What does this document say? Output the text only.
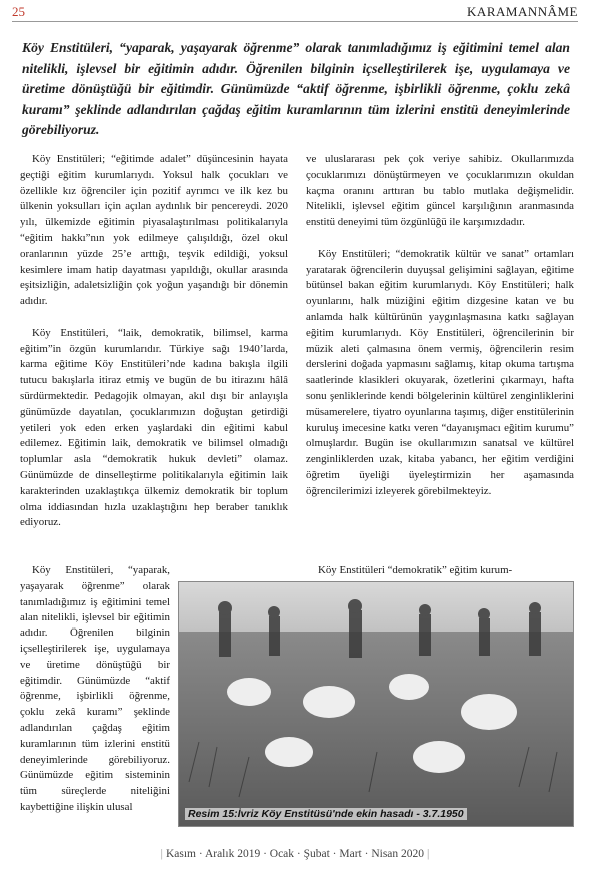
25	KARAMANNÂME

Köy Enstitüleri, “yaparak, yaşayarak öğrenme” olarak tanımladığımız iş eğitimini temel alan nitelikli, işlevsel bir eğitimin adıdır. Öğrenilen bilginin içselleştirilerek işe, uygulamaya ve üretime dönüştüğü bir eğitimdir. Günümüzde “aktif öğrenme, işbirlikli öğrenme, çoklu zekâ kuramı” şeklinde adlandırılan çağdaş eğitim kuramlarının tüm izlerini enstitü deneyimlerinde görebiliyoruz.

Köy Enstitüleri; “eğitimde adalet” düşüncesinin hayata geçtiği eğitim kurumlarıydı. Yoksul halk çocukları ve özellikle kız öğrenciler için pozitif ayrımcı ve ilk kez bu ülkenin yoksulları için açılan aydınlık bir pencereydi. 2020 yılı, ülkemizde eğitimin piyasalaştırılması politikalarıyla “eğitim hakkı”nın yok edilmeye çalışıldığı, özel okul oranlarının yüzde 25’e arttığı, teşvik edildiği, yoksul kesimlere imam hatip dayatması yapıldığı, okullar arasında eşitsizliğin, adaletsizliğin çok yoğun yaşandığı bir dönemin adıdır.

Köy Enstitüleri, “laik, demokratik, bilimsel, karma eğitim”in özgün kurumlarıdır. Türkiye sağı 1940’larda, karma eğitime Köy Enstitüleri’nde kadına bakışla ilgili tutucu bakışlarla itiraz etmiş ve bugün de bu itirazını hâlâ sürdürmektedir. Pedagojik olmayan, akıl dışı bir anlayışla günümüzde dayatılan, çocuklarımızın doğuştan getirdiği yetileri yok eden erken yaşlardaki din eğitimi kabul edilemez. Eğitimin laik, demokratik ve bilimsel olmadığı toplumlar asla “demokratik hukuk devleti” olamaz. Günümüzde de dinselleştirme politikalarıyla eğitimin laik karakterinden uzaklaştıkça ülkemiz demokratik bir toplum olma iddiasından hızla uzaklaştığını hep beraber tanıklık ediyoruz.

ve uluslararası pek çok veriye sahibiz. Okullarımızda çocuklarımızı dönüştürmeyen ve çocuklarımızın okuldan kaçma oranını arttıran bu tablo mutlaka değişmelidir. Nitelikli, işlevsel eğitim güncel karşılığının aranmasında enstitü deneyimi tüm özgünlüğü ile karşımızdadır.

Köy Enstitüleri; “demokratik kültür ve sanat” ortamları yaratarak öğrencilerin duyuşsal gelişimini sağlayan, eğitime bütünsel bakan eğitim kurumlarıydı. Köy Enstitüleri; halk oyunlarını, halk müziğini eğitim dizgesine katan ve bu anlamda halk kültürünün yaygınlaşmasına katkı sağlayan eğitim kurumlarıydı. Köy Enstitüleri, öğrencilerinin bir müzik aleti çalmasına önem vermiş, öğrencilerin resim derslerini doğada yapmasını sağlamış, kitap okuma tartışma saatlerinde klasikleri okuyarak, özetlerini çıkarmayı, hafta sonu şenliklerinde kendi bölgelerinin kültürel zenginliklerini müsamerelere, tiyatro oyunlarına taşımış, diğer enstitülerinin kuruluş imecesine katkı veren “dayanışmacı eğitim kurumu” olmuşlardır. Bugün ise okullarımızın sanatsal ve kültürel zenginliklerden uzak, kitaba yabancı, her eğitim verdiğini öğretim üyeliği üyeleştirmizin her aşamasında öğrencilerimizi izleyerek görebilmekteyiz.

Köy Enstitüleri, “yaparak, yaşayarak öğrenme” olarak tanımladığımız iş eğitimini temel alan nitelikli, işlevsel bir eğitimin adıdır. Öğrenilen bilginin içselleştirilerek işe, uygulamaya ve üretime dönüştüğü bir eğitimdir. Günümüzde “aktif öğrenme, işbirlikli öğrenme, çoklu zekâ kuramı” şeklinde adlandırılan çağdaş eğitim kuramlarının tüm izlerini enstitü deneyimlerinde görebiliyoruz. Günümüzde eğitim sisteminin tüm süreçlerde niteliğini kaybettiğine ilişkin ulusal

Köy Enstitüleri “demokratik” eğitim kurum-

Resim 15:İvriz Köy Enstitüsü'nde ekin hasadı - 3.7.1950
| Kasım · Aralık 2019 · Ocak · Şubat · Mart · Nisan 2020 |
